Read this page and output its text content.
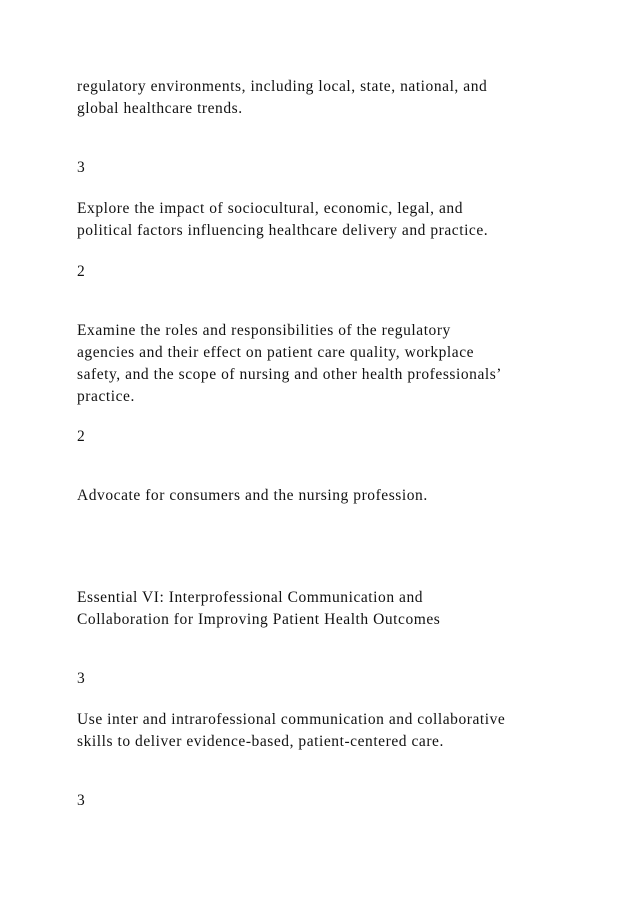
regulatory environments, including local, state, national, and

global healthcare trends.

3

Explore the impact of sociocultural, economic, legal, and

political factors influencing healthcare delivery and practice.

2

Examine the roles and responsibilities of the regulatory

agencies and their effect on patient care quality, workplace

safety, and the scope of nursing and other health professionals’

practice.

2

Advocate for consumers and the nursing profession.

Essential VI: Interprofessional Communication and

Collaboration for Improving Patient Health Outcomes

3

Use inter and intrarofessional communication and collaborative

skills to deliver evidence-based, patient-centered care.

3
